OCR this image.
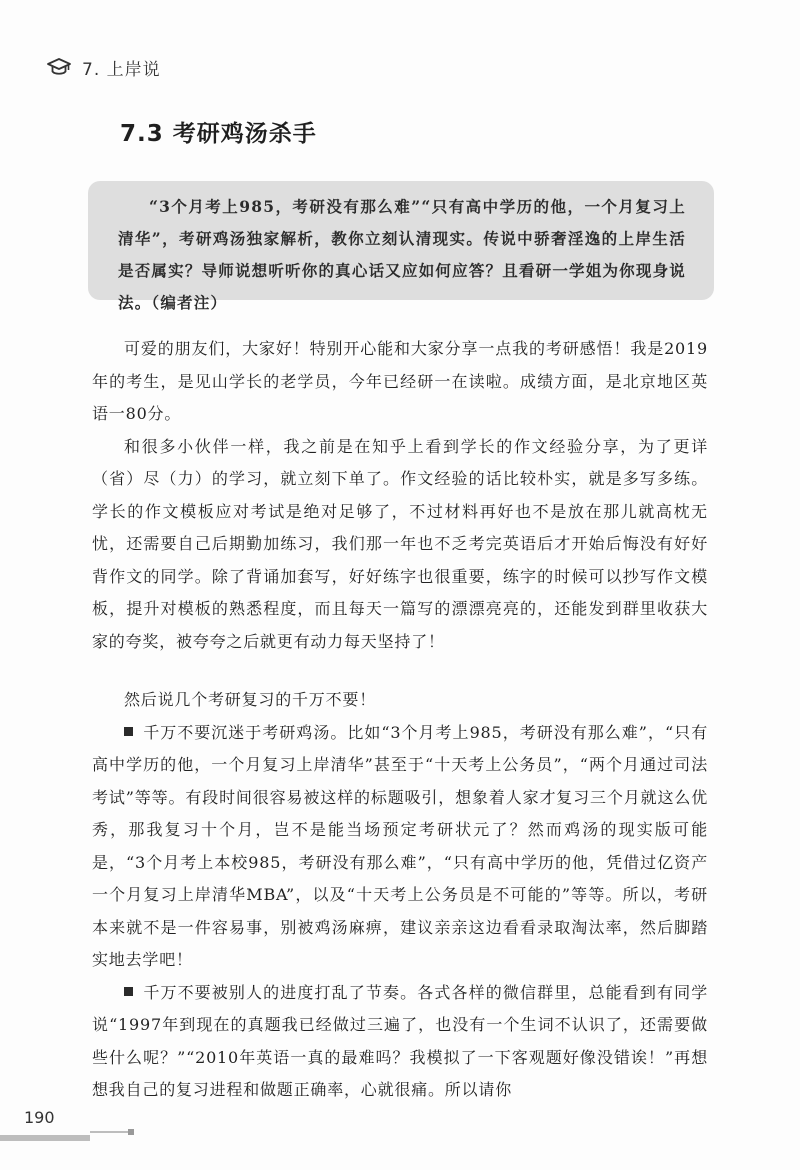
7. 上岸说
7.3 考研鸡汤杀手

“3个月考上985，考研没有那么难”“只有高中学历的他，一个月复习上清华”，考研鸡汤独家解析，教你立刻认清现实。传说中骄奢淫逸的上岸生活是否属实？导师说想听听你的真心话又应如何应答？且看研一学姐为你现身说法。（编者注）

可爱的朋友们，大家好！特别开心能和大家分享一点我的考研感悟！我是2019年的考生，是见山学长的老学员，今年已经研一在读啦。成绩方面，是北京地区英语一80分。

和很多小伙伴一样，我之前是在知乎上看到学长的作文经验分享，为了更详（省）尽（力）的学习，就立刻下单了。作文经验的话比较朴实，就是多写多练。学长的作文模板应对考试是绝对足够了，不过材料再好也不是放在那儿就高枕无忧，还需要自己后期勤加练习，我们那一年也不乏考完英语后才开始后悔没有好好背作文的同学。除了背诵加套写，好好练字也很重要，练字的时候可以抄写作文模板，提升对模板的熟悉程度，而且每天一篇写的漂漂亮亮的，还能发到群里收获大家的夸奖，被夸夸之后就更有动力每天坚持了！

然后说几个考研复习的千万不要！

千万不要沉迷于考研鸡汤。比如“3个月考上985，考研没有那么难”，“只有高中学历的他，一个月复习上岸清华”甚至于“十天考上公务员”，“两个月通过司法考试”等等。有段时间很容易被这样的标题吸引，想象着人家才复习三个月就这么优秀，那我复习十个月，岂不是能当场预定考研状元了？然而鸡汤的现实版可能是，“3个月考上本校985，考研没有那么难”，“只有高中学历的他，凭借过亿资产一个月复习上岸清华MBA”，以及“十天考上公务员是不可能的”等等。所以，考研本来就不是一件容易事，别被鸡汤麻痹，建议亲亲这边看看录取淘汰率，然后脚踏实地去学吧！

千万不要被别人的进度打乱了节奏。各式各样的微信群里，总能看到有同学说“1997年到现在的真题我已经做过三遍了，也没有一个生词不认识了，还需要做些什么呢？”“2010年英语一真的最难吗？我模拟了一下客观题好像没错诶！”再想想我自己的复习进程和做题正确率，心就很痛。所以请你

190
